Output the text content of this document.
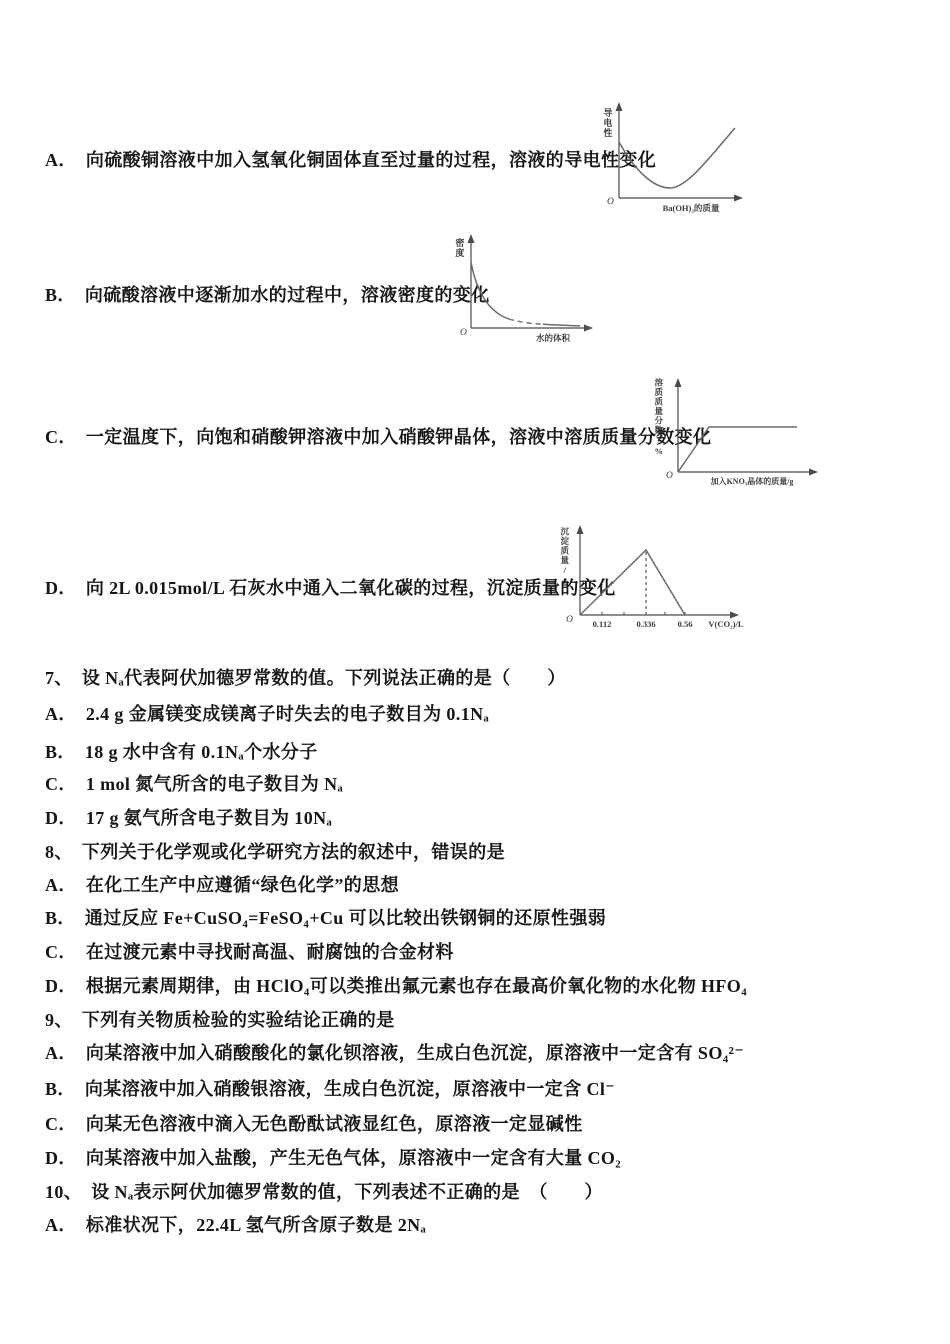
A． 向硫酸铜溶液中加入氢氧化铜固体直至过量的过程，溶液的导电性变化
导电性
O
Ba(OH)₂的质量
B． 向硫酸溶液中逐渐加水的过程中，溶液密度的变化
密度
O	水的体积
C． 一定温度下，向饱和硝酸钾溶液中加入硝酸钾晶体，溶液中溶质质量分数变化
溶质质量分数/%
O
加入KNO₃晶体的质量/g
D． 向 2L 0.015mol/L 石灰水中通入二氧化碳的过程，沉淀质量的变化
沉淀质量/g
O 0.112	0.336	0.56	V(CO₂)/L
7、 设 Nₐ代表阿伏加德罗常数的值。下列说法正确的是（　　）
A． 2.4 g 金属镁变成镁离子时失去的电子数目为 0.1Nₐ
B． 18 g 水中含有 0.1Nₐ个水分子
C． 1 mol 氮气所含的电子数目为 Nₐ
D． 17 g 氨气所含电子数目为 10Nₐ
8、 下列关于化学观或化学研究方法的叙述中，错误的是
A． 在化工生产中应遵循“绿色化学”的思想
B． 通过反应 Fe+CuSO₄=FeSO₄+Cu 可以比较出铁钢铜的还原性强弱
C． 在过渡元素中寻找耐高温、耐腐蚀的合金材料
D． 根据元素周期律，由 HClO₄可以类推出氟元素也存在最高价氧化物的水化物 HFO₄
9、 下列有关物质检验的实验结论正确的是
A． 向某溶液中加入硝酸酸化的氯化钡溶液，生成白色沉淀，原溶液中一定含有 SO₄²⁻
B． 向某溶液中加入硝酸银溶液，生成白色沉淀，原溶液中一定含 Cl⁻
C． 向某无色溶液中滴入无色酚酞试液显红色，原溶液一定显碱性
D． 向某溶液中加入盐酸，产生无色气体，原溶液中一定含有大量 CO₂
10、 设 Nₐ表示阿伏加德罗常数的值，下列表述不正确的是　（　　）
A． 标准状况下，22.4L 氢气所含原子数是 2Nₐ
